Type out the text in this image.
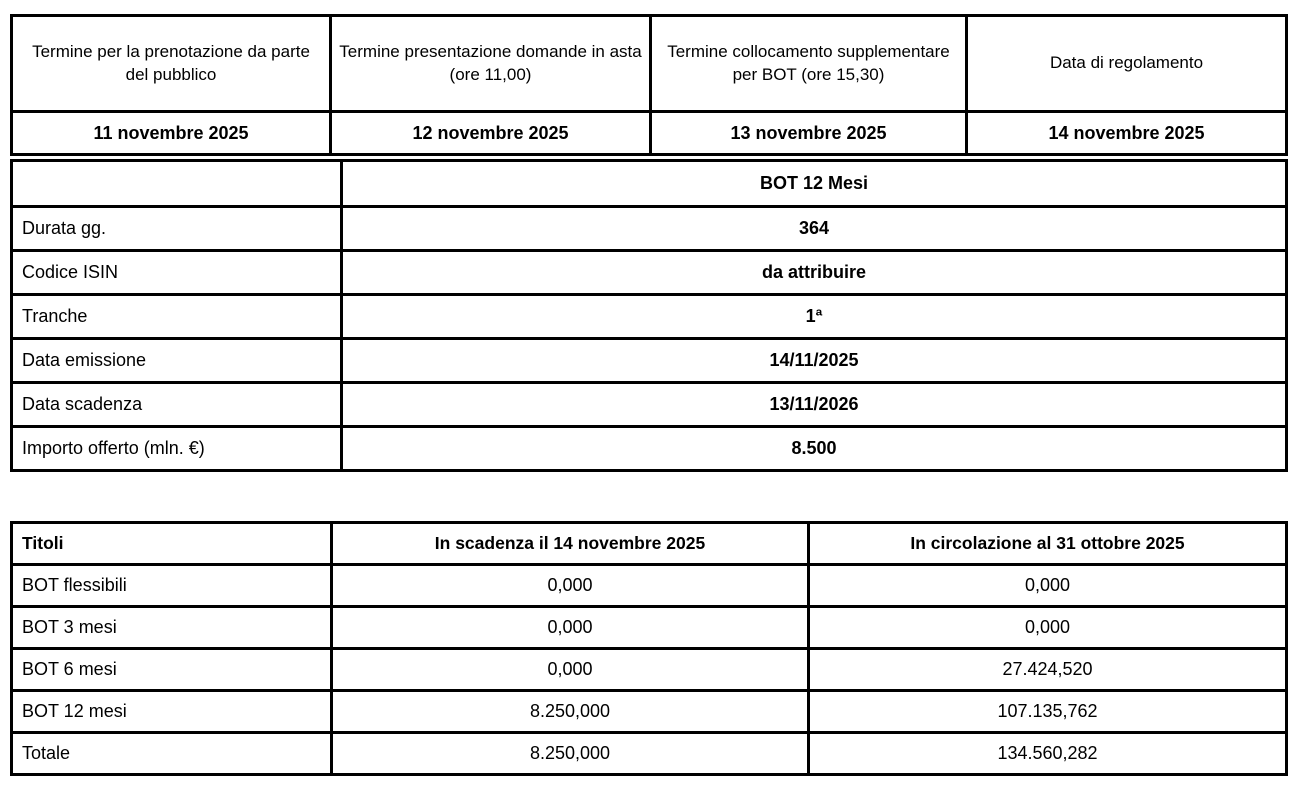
Termine per la prenotazione da parte del pubblico	Termine presentazione domande in asta (ore 11,00)	Termine collocamento supplementare per BOT (ore 15,30)	Data di regolamento
11 novembre 2025	12 novembre 2025	13 novembre 2025	14 novembre 2025
	BOT 12 Mesi
Durata gg.	364
Codice ISIN	da attribuire
Tranche	1ª
Data emissione	14/11/2025
Data scadenza	13/11/2026
Importo offerto (mln. €)	8.500
Titoli	In scadenza il 14 novembre 2025	In circolazione al 31 ottobre 2025
BOT flessibili	0,000	0,000
BOT 3 mesi	0,000	0,000
BOT 6 mesi	0,000	27.424,520
BOT 12 mesi	8.250,000	107.135,762
Totale	8.250,000	134.560,282
